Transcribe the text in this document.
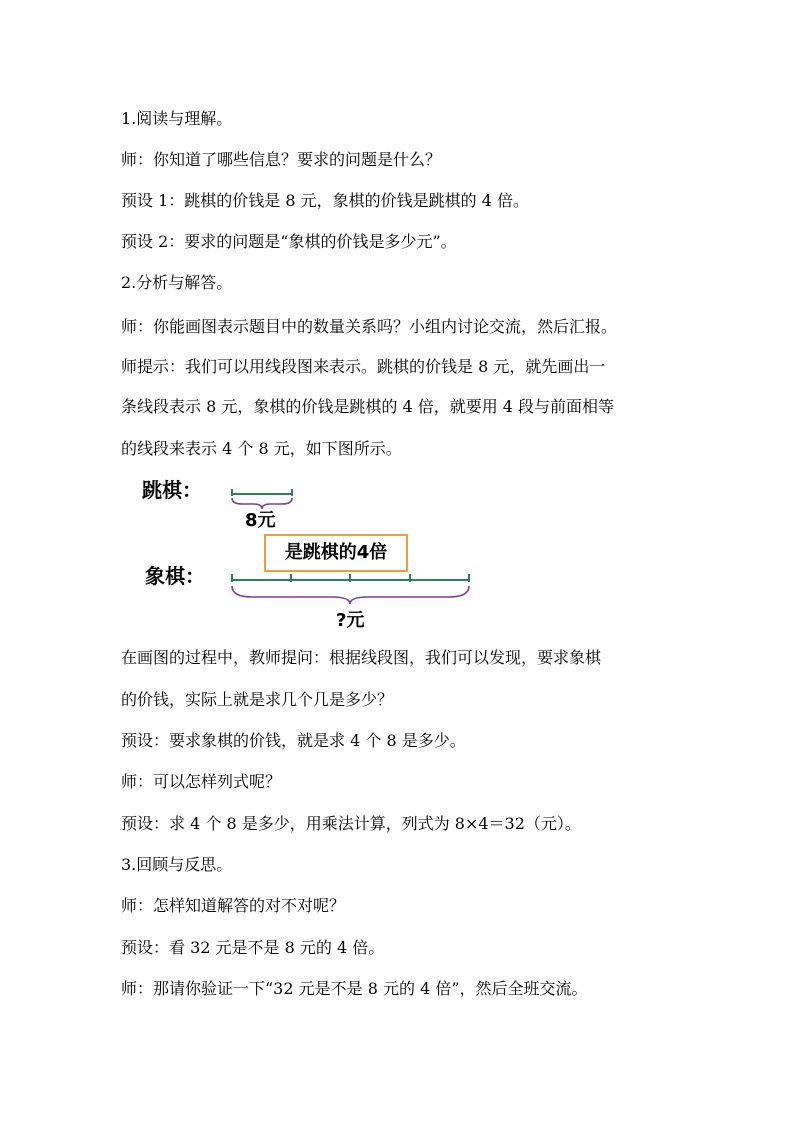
1.阅读与理解。
师：你知道了哪些信息？要求的问题是什么？
预设 1：跳棋的价钱是 8 元，象棋的价钱是跳棋的 4 倍。
预设 2：要求的问题是“象棋的价钱是多少元”。
2.分析与解答。
师：你能画图表示题目中的数量关系吗？小组内讨论交流，然后汇报。
师提示：我们可以用线段图来表示。跳棋的价钱是 8 元，就先画出一
条线段表示 8 元，象棋的价钱是跳棋的 4 倍，就要用 4 段与前面相等
的线段来表示 4 个 8 元，如下图所示。
跳棋：
8元
是跳棋的4倍
象棋：
?元
在画图的过程中，教师提问：根据线段图，我们可以发现，要求象棋
的价钱，实际上就是求几个几是多少？
预设：要求象棋的价钱，就是求 4 个 8 是多少。
师：可以怎样列式呢？
预设：求 4 个 8 是多少，用乘法计算，列式为 8×4＝32（元）。
3.回顾与反思。
师：怎样知道解答的对不对呢？
预设：看 32 元是不是 8 元的 4 倍。
师：那请你验证一下“32 元是不是 8 元的 4 倍”，然后全班交流。
